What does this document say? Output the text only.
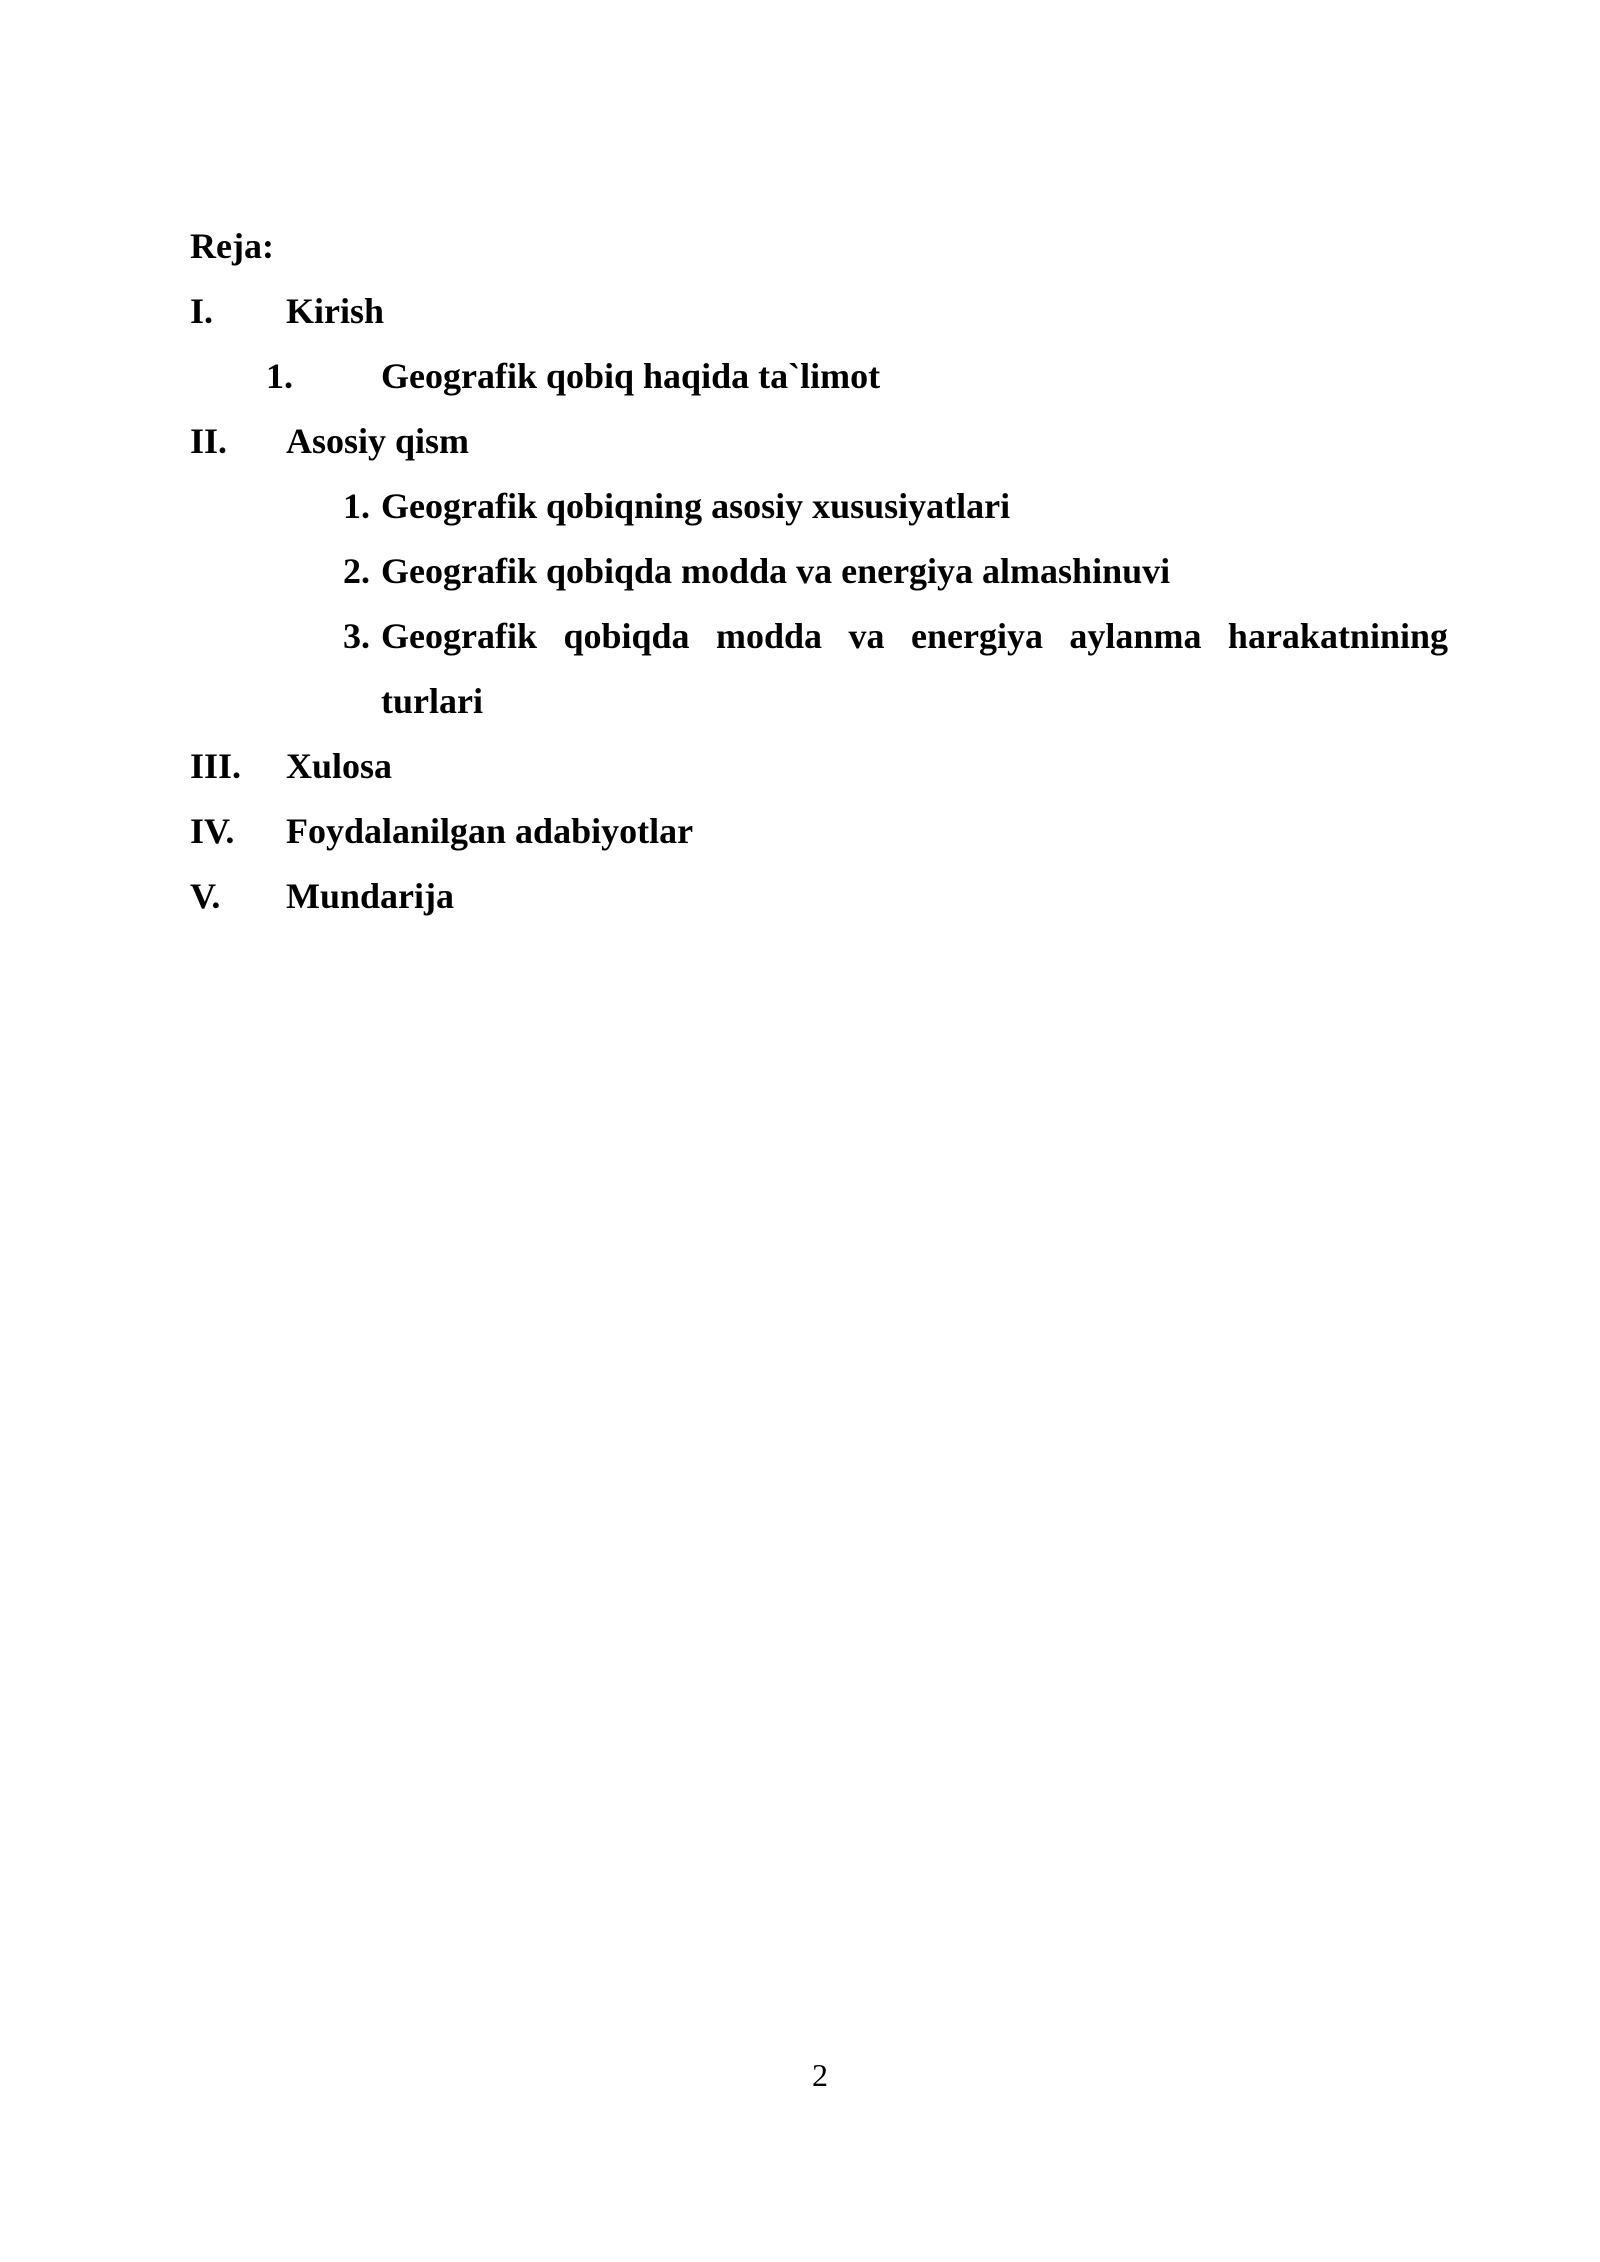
Reja:
I. Kirish
1. Geografik qobiq haqida ta`limot
II. Asosiy qism
1. Geografik qobiqning asosiy xususiyatlari
2. Geografik qobiqda modda va energiya almashinuvi
3. Geografik qobiqda modda va energiya aylanma harakatnining
turlari
III. Xulosa
IV. Foydalanilgan adabiyotlar
V. Mundarija
2
